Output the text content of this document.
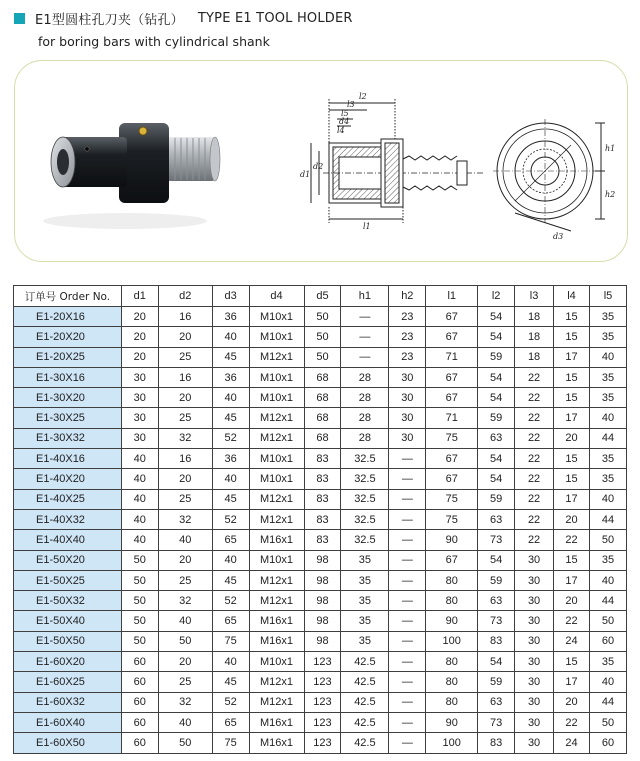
E1型圆柱孔刀夹（钻孔） TYPE E1 TOOL HOLDER
for boring bars with cylindrical shank
l2
l3
l5
d4
l4
l1
d1
d2
h1
h2
d3
订单号 Order No.	d1	d2	d3	d4	d5	h1	h2	l1	l2	l3	l4	l5
E1-20X16	20	16	36	M10x1	50	—	23	67	54	18	15	35
E1-20X20	20	20	40	M10x1	50	—	23	67	54	18	15	35
E1-20X25	20	25	45	M12x1	50	—	23	71	59	18	17	40
E1-30X16	30	16	36	M10x1	68	28	30	67	54	22	15	35
E1-30X20	30	20	40	M10x1	68	28	30	67	54	22	15	35
E1-30X25	30	25	45	M12x1	68	28	30	71	59	22	17	40
E1-30X32	30	32	52	M12x1	68	28	30	75	63	22	20	44
E1-40X16	40	16	36	M10x1	83	32.5	—	67	54	22	15	35
E1-40X20	40	20	40	M10x1	83	32.5	—	67	54	22	15	35
E1-40X25	40	25	45	M12x1	83	32.5	—	75	59	22	17	40
E1-40X32	40	32	52	M12x1	83	32.5	—	75	63	22	20	44
E1-40X40	40	40	65	M16x1	83	32.5	—	90	73	22	22	50
E1-50X20	50	20	40	M10x1	98	35	—	67	54	30	15	35
E1-50X25	50	25	45	M12x1	98	35	—	80	59	30	17	40
E1-50X32	50	32	52	M12x1	98	35	—	80	63	30	20	44
E1-50X40	50	40	65	M16x1	98	35	—	90	73	30	22	50
E1-50X50	50	50	75	M16x1	98	35	—	100	83	30	24	60
E1-60X20	60	20	40	M10x1	123	42.5	—	80	54	30	15	35
E1-60X25	60	25	45	M12x1	123	42.5	—	80	59	30	17	40
E1-60X32	60	32	52	M12x1	123	42.5	—	80	63	30	20	44
E1-60X40	60	40	65	M16x1	123	42.5	—	90	73	30	22	50
E1-60X50	60	50	75	M16x1	123	42.5	—	100	83	30	24	60
